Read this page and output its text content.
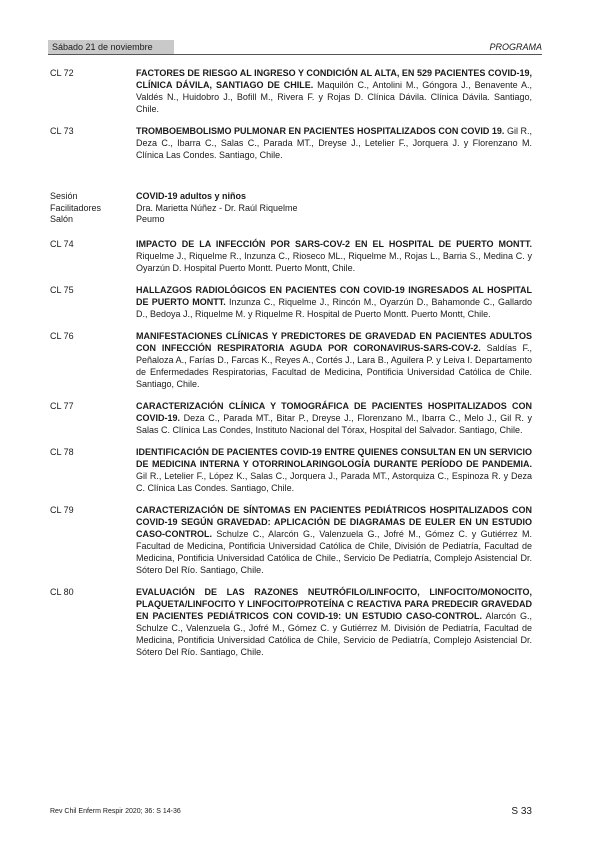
Sábado 21 de noviembre	PROGRAMA
CL 72	FACTORES DE RIESGO AL INGRESO Y CONDICIÓN AL ALTA, EN 529 PACIENTES COVID-19, CLÍNICA DÁVILA, SANTIAGO DE CHILE. Maquilón C., Antolini M., Góngora J., Benavente A., Valdés N., Huidobro J., Bofill M., Rivera F. y Rojas D. Clínica Dávila. Clínica Dávila. Santiago, Chile.
CL 73	TROMBOEMBOLISMO PULMONAR EN PACIENTES HOSPITALIZADOS CON COVID 19. Gil R., Deza C., Ibarra C., Salas C., Parada MT., Dreyse J., Letelier F., Jorquera J. y Florenzano M. Clínica Las Condes. Santiago, Chile.
Sesión	COVID-19 adultos y niños
Facilitadores	Dra. Marietta Núñez - Dr. Raúl Riquelme
Salón	Peumo
CL 74	IMPACTO DE LA INFECCIÓN POR SARS-COV-2 EN EL HOSPITAL DE PUERTO MONTT. Riquelme J., Riquelme R., Inzunza C., Rioseco ML., Riquelme M., Rojas L., Barria S., Medina C. y Oyarzún D. Hospital Puerto Montt. Puerto Montt, Chile.
CL 75	HALLAZGOS RADIOLÓGICOS EN PACIENTES CON COVID-19 INGRESADOS AL HOSPITAL DE PUERTO MONTT. Inzunza C., Riquelme J., Rincón M., Oyarzún D., Bahamonde C., Gallardo D., Bedoya J., Riquelme M. y Riquelme R. Hospital de Puerto Montt. Puerto Montt, Chile.
CL 76	MANIFESTACIONES CLÍNICAS Y PREDICTORES DE GRAVEDAD EN PACIENTES ADULTOS CON INFECCIÓN RESPIRATORIA AGUDA POR CORONAVIRUS-SARS-COV-2. Saldías F., Peñaloza A., Farías D., Farcas K., Reyes A., Cortés J., Lara B., Aguilera P. y Leiva I. Departamento de Enfermedades Respiratorias, Facultad de Medicina, Pontificia Universidad Católica de Chile. Santiago, Chile.
CL 77	CARACTERIZACIÓN CLÍNICA Y TOMOGRÁFICA DE PACIENTES HOSPITALIZADOS CON COVID-19. Deza C., Parada MT., Bitar P., Dreyse J., Florenzano M., Ibarra C., Melo J., Gil R. y Salas C. Clínica Las Condes, Instituto Nacional del Tórax, Hospital del Salvador. Santiago, Chile.
CL 78	IDENTIFICACIÓN DE PACIENTES COVID-19 ENTRE QUIENES CONSULTAN EN UN SERVICIO DE MEDICINA INTERNA Y OTORRINOLARINGOLOGÍA DURANTE PERÍODO DE PANDEMIA. Gil R., Letelier F., López K., Salas C., Jorquera J., Parada MT., Astorquiza C., Espinoza R. y Deza C. Clínica Las Condes. Santiago, Chile.
CL 79	CARACTERIZACIÓN DE SÍNTOMAS EN PACIENTES PEDIÁTRICOS HOSPITALIZADOS CON COVID-19 SEGÚN GRAVEDAD: APLICACIÓN DE DIAGRAMAS DE EULER EN UN ESTUDIO CASO-CONTROL. Schulze C., Alarcón G., Valenzuela G., Jofré M., Gómez C. y Gutiérrez M. Facultad de Medicina, Pontificia Universidad Católica de Chile, División de Pediatría, Facultad de Medicina, Pontificia Universidad Católica de Chile., Servicio De Pediatría, Complejo Asistencial Dr. Sótero Del Río. Santiago, Chile.
CL 80	EVALUACIÓN DE LAS RAZONES NEUTRÓFILO/LINFOCITO, LINFOCITO/MONOCITO, PLAQUETA/LINFOCITO Y LINFOCITO/PROTEÍNA C REACTIVA PARA PREDECIR GRAVEDAD EN PACIENTES PEDIÁTRICOS CON COVID-19: UN ESTUDIO CASO-CONTROL. Alarcón G., Schulze C., Valenzuela G., Jofré M., Gómez C. y Gutiérrez M. División de Pediatría, Facultad de Medicina, Pontificia Universidad Católica de Chile, Servicio de Pediatría, Complejo Asistencial Dr. Sótero Del Río. Santiago, Chile.
Rev Chil Enferm Respir 2020; 36: S 14-36	S 33
